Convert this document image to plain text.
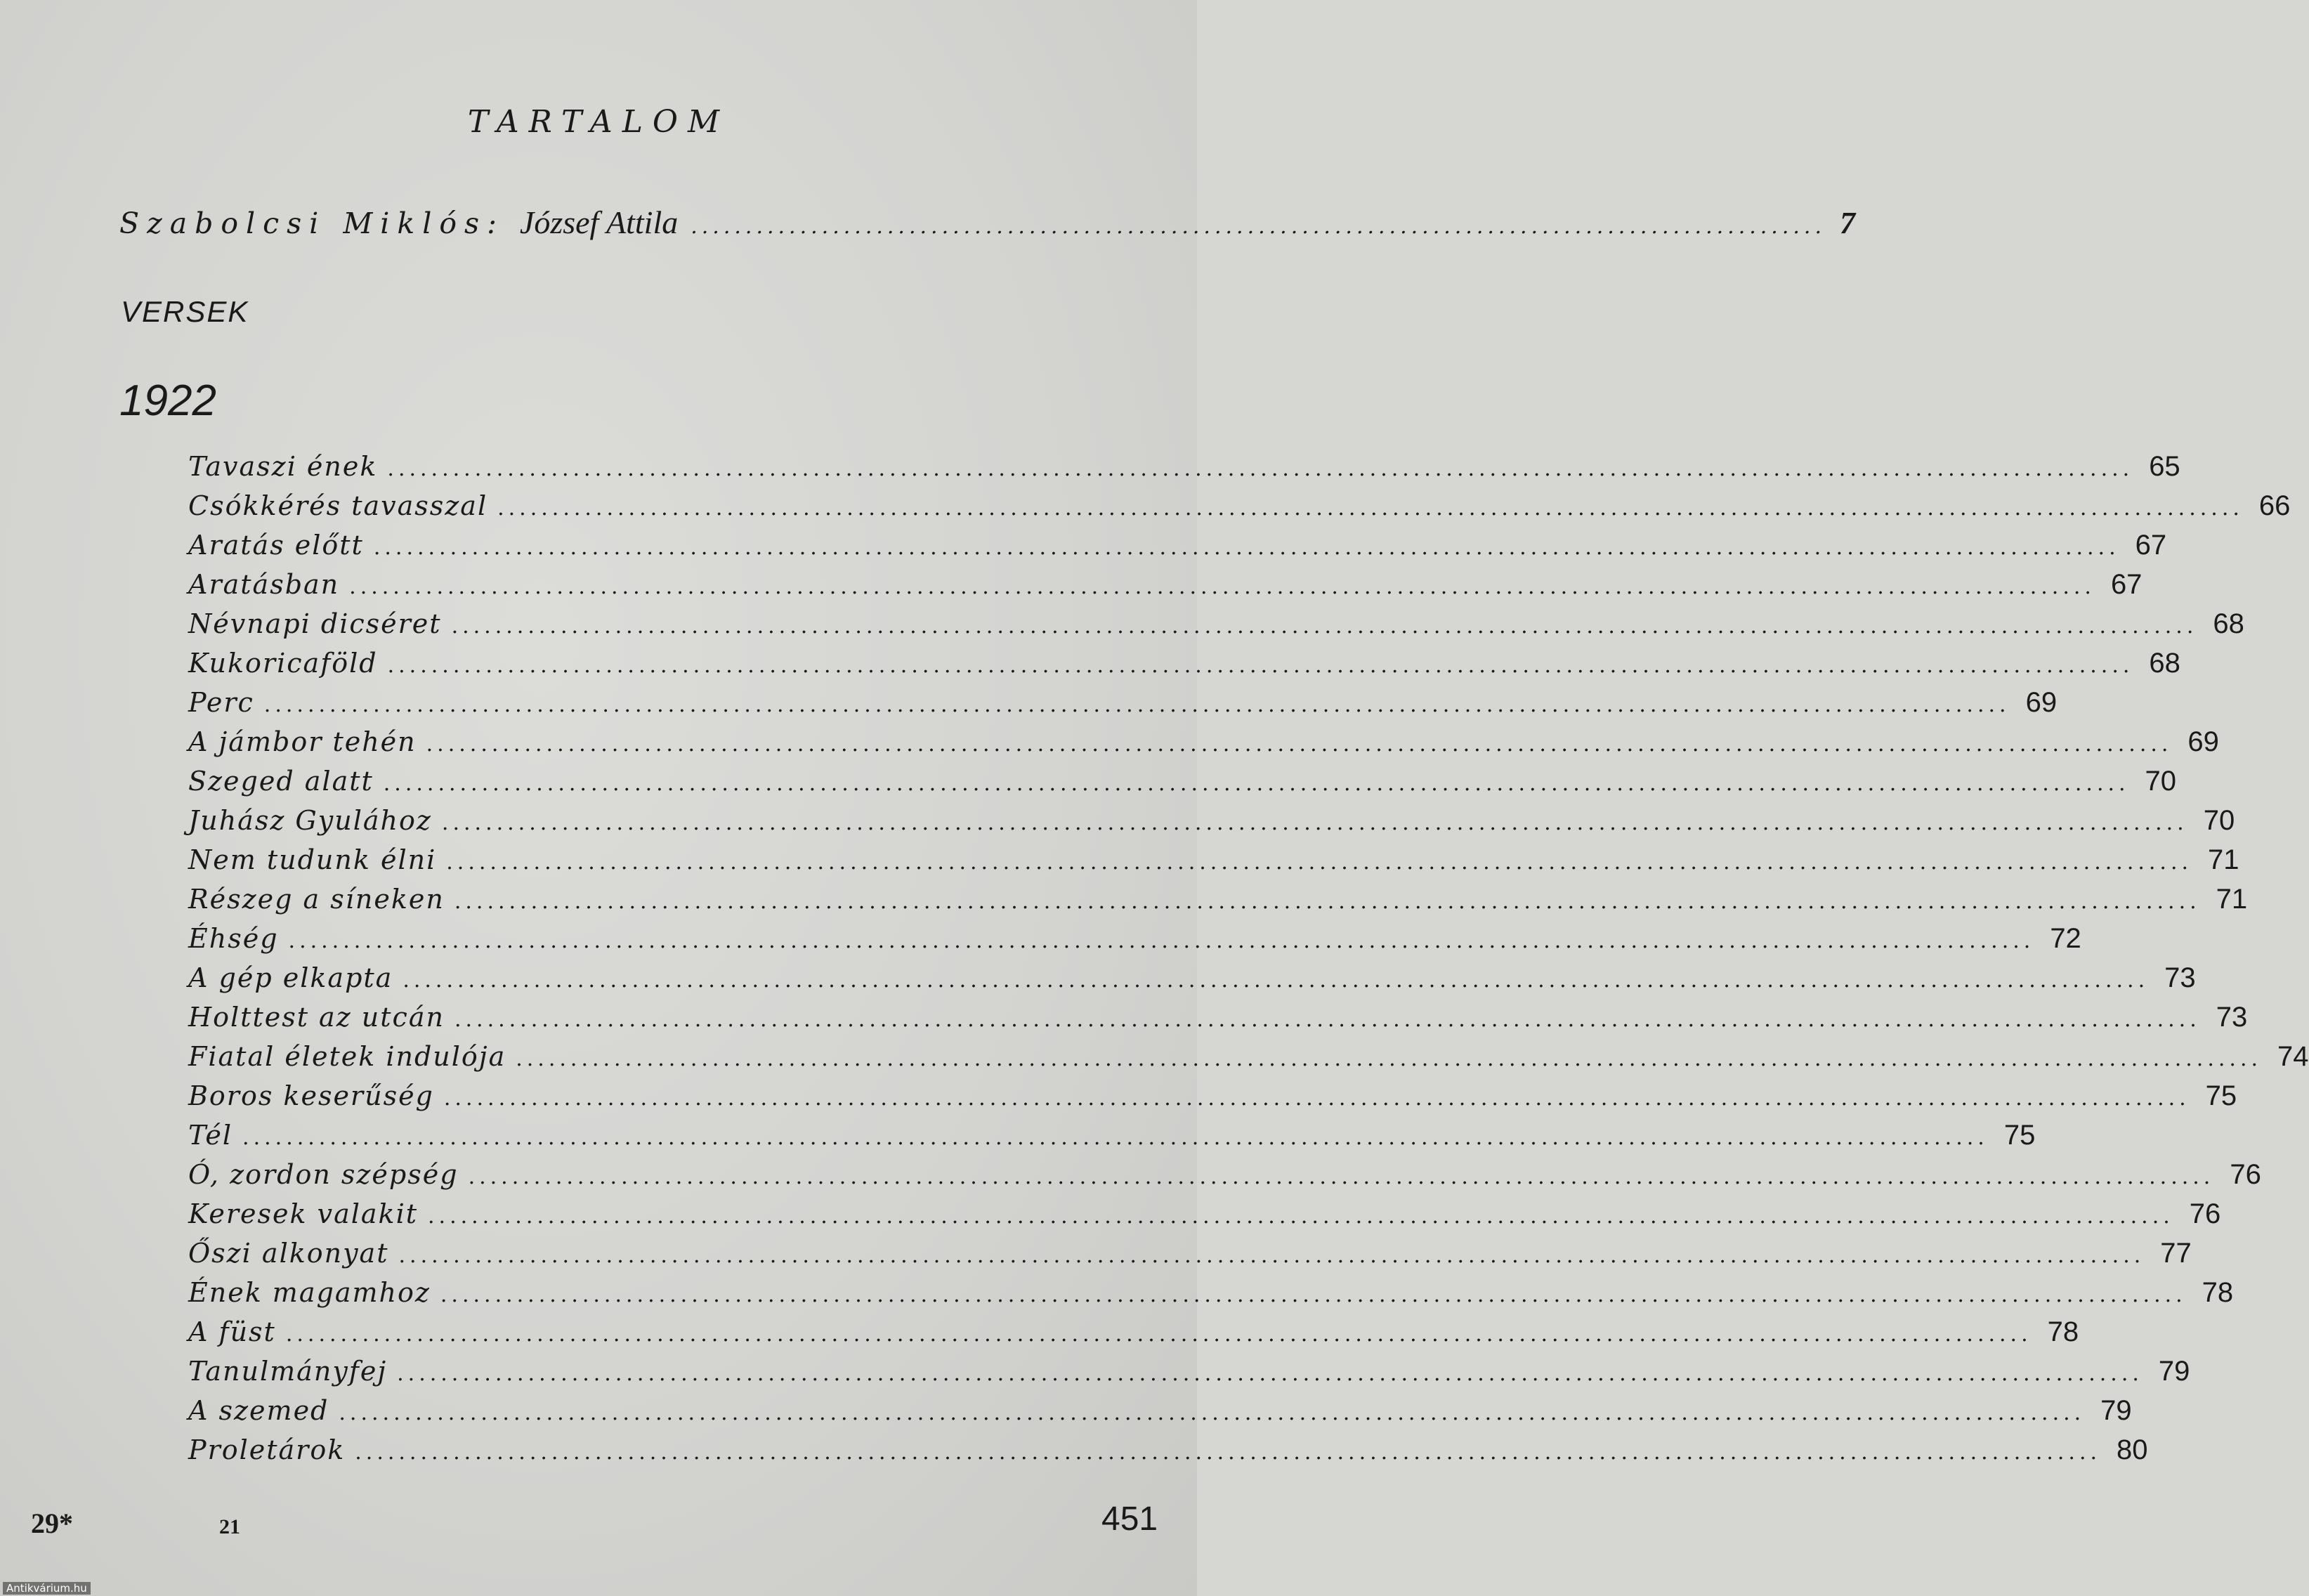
TARTALOM
Szabolcsi Miklós: József Attila ........................................................................................................ 7
VERSEK
1922
Tavaszi ének ................................................................................................................................................................ 65
Csókkérés tavasszal ................................................................................................................................................................ 66
Aratás előtt ................................................................................................................................................................ 67
Aratásban ................................................................................................................................................................ 67
Névnapi dicséret ................................................................................................................................................................ 68
Kukoricaföld ................................................................................................................................................................ 68
Perc ................................................................................................................................................................ 69
A jámbor tehén ................................................................................................................................................................ 69
Szeged alatt ................................................................................................................................................................ 70
Juhász Gyulához ................................................................................................................................................................ 70
Nem tudunk élni ................................................................................................................................................................ 71
Részeg a síneken ................................................................................................................................................................ 71
Éhség ................................................................................................................................................................ 72
A gép elkapta ................................................................................................................................................................ 73
Holttest az utcán ................................................................................................................................................................ 73
Fiatal életek indulója ................................................................................................................................................................ 74
Boros keserűség ................................................................................................................................................................ 75
Tél ................................................................................................................................................................ 75
Ó, zordon szépség ................................................................................................................................................................ 76
Keresek valakit ................................................................................................................................................................ 76
Őszi alkonyat ................................................................................................................................................................ 77
Ének magamhoz ................................................................................................................................................................ 78
A füst ................................................................................................................................................................ 78
Tanulmányfej ................................................................................................................................................................ 79
A szemed ................................................................................................................................................................ 79
Proletárok ................................................................................................................................................................ 80
29*	21	451
Antikvárium.hu
